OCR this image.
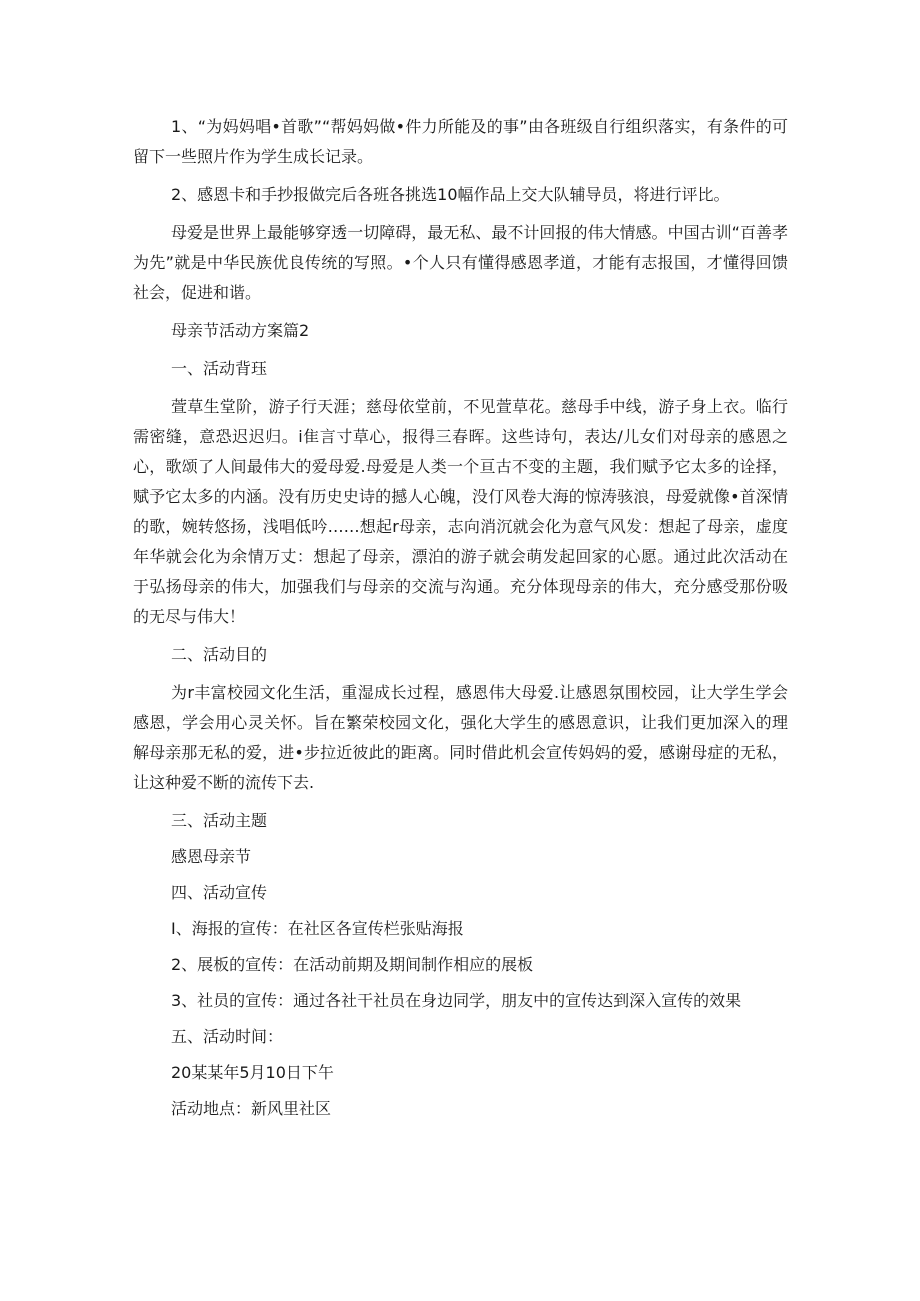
1、“为妈妈唱•首歌”“帮妈妈做•件力所能及的事”由各班级自行组织落实，有条件的可留下一些照片作为学生成长记录。

2、感恩卡和手抄报做完后各班各挑选10幅作品上交大队辅导员，将进行评比。

母爱是世界上最能够穿透一切障碍，最无私、最不计回报的伟大情感。中国古训“百善孝为先”就是中华民族优良传统的写照。•个人只有懂得感恩孝道，才能有志报国，才懂得回馈社会，促进和谐。

母亲节活动方案篇2

一、活动背珏

萱草生堂阶，游子行天涯；慈母依堂前，不见萱草花。慈母手中线，游子身上衣。临行需密缝，意恐迟迟归。i隹言寸草心，报得三春晖。这些诗句，表达/儿女们对母亲的感恩之心，歌颂了人间最伟大的爱母爱.母爱是人类一个亘古不变的主题，我们赋予它太多的诠择，赋予它太多的内涵。没有历史史诗的撼人心魄，没仃风卷大海的惊涛骇浪，母爱就像•首深情的歌，婉转悠扬，浅唱低吟……想起r母亲，志向消沉就会化为意气风发：想起了母亲，虚度年华就会化为余情万丈：想起了母亲，漂泊的游子就会萌发起回家的心愿。通过此次活动在于弘扬母亲的伟大，加强我们与母亲的交流与沟通。充分体现母亲的伟大，充分感受那份吸的无尽与伟大！

二、活动目的

为r丰富校园文化生活，重湿成长过程，感恩伟大母爱.让感恩氛围校园，让大学生学会感恩，学会用心灵关怀。旨在繁荣校园文化，强化大学生的感恩意识，让我们更加深入的理解母亲那无私的爱，进•步拉近彼此的距离。同时借此机会宣传妈妈的爱，感谢母症的无私，让这种爱不断的流传下去.

三、活动主题

感恩母亲节

四、活动宣传

I、海报的宣传：在社区各宣传栏张贴海报

2、展板的宣传：在活动前期及期间制作相应的展板

3、社员的宣传：通过各社干社员在身边同学，朋友中的宣传达到深入宣传的效果

五、活动时间：

20某某年5月10日下午

活动地点：新风里社区
